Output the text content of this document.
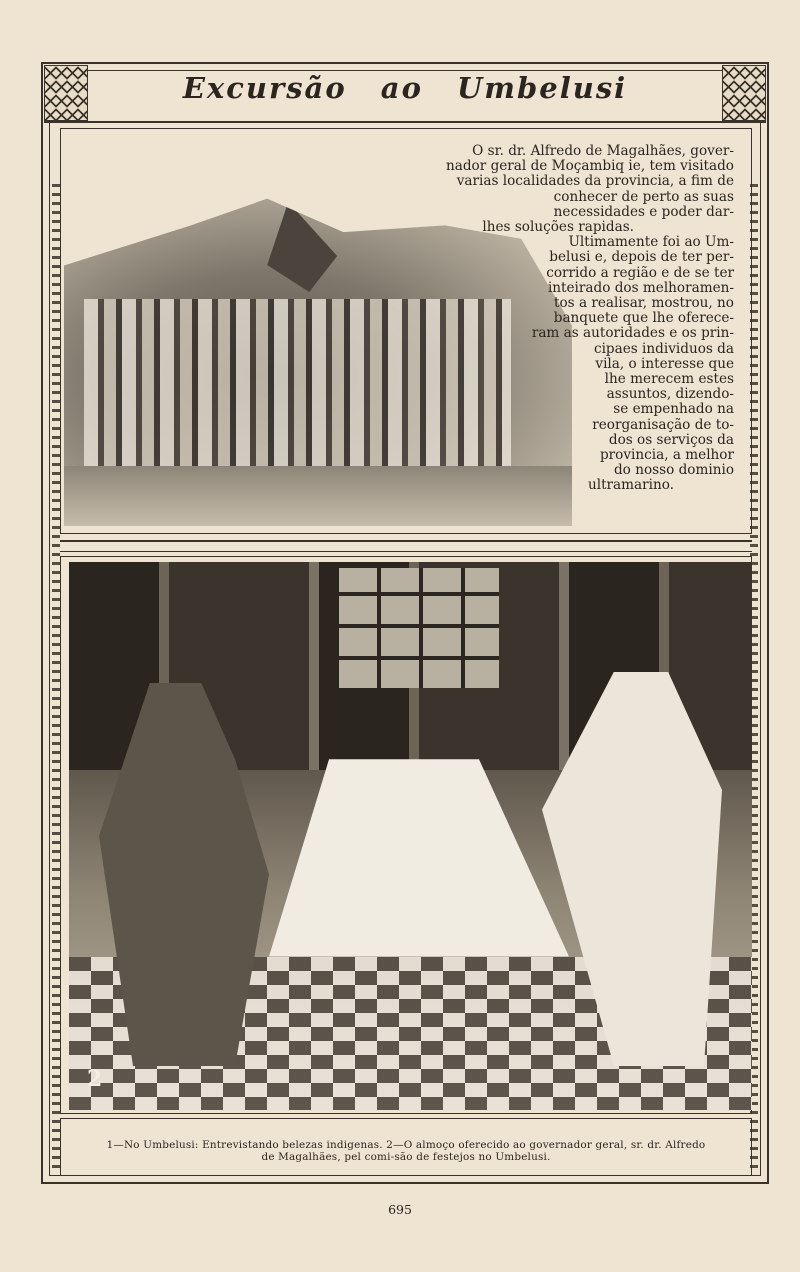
Excursão ao Umbelusi
O sr. dr. Alfredo de Magalhães, gover-
nador geral de Moçambiq ie, tem visitado
varias localidades da provincia, a fim de
conhecer de perto as suas
necessidades e poder dar-
lhes soluções rapidas.
Ultimamente foi ao Um-
belusi e, depois de ter per-
corrido a região e de se ter
inteirado dos melhoramen-
tos a realisar, mostrou, no
banquete que lhe oferece-
ram as autoridades e os prin-
cipaes individuos da
vila, o interesse que
lhe merecem estes
assuntos, dizendo-
se empenhado na
reorganisação de to-
dos os serviços da
provincia, a melhor
do nosso dominio
ultramarino.
2
1—No Umbelusi: Entrevistando belezas indigenas. 2—O almoço oferecido ao governador geral, sr. dr. Alfredo
de Magalhães, pel comi-são de festejos no Umbelusi.
695
